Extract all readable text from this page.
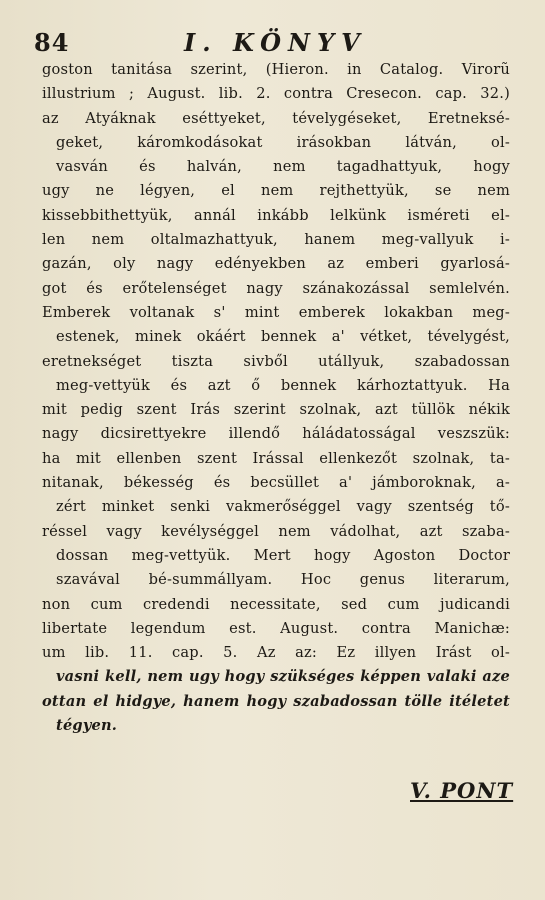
84	I. KÖNYV
goston tanitása szerint, (Hieron. in Catalog. Virorũ
illustrium ; August. lib. 2. contra Cresecon. cap. 32.)
az Atyáknak eséttyeket, tévelygéseket, Eretneksé-
geket, káromkodásokat irásokban látván, ol-
vasván és halván, nem tagadhattyuk, hogy
ugy ne légyen, el nem rejthettyük, se nem
kissebbithettyük, annál inkább lelkünk isméreti el-
len nem oltalmazhattyuk, hanem meg-vallyuk i-
gazán, oly nagy edényekben az emberi gyarlosá-
got és erőtelenséget nagy szánakozással semlelvén.
Emberek voltanak s' mint emberek lokakban meg-
estenek, minek okáért bennek a' vétket, tévelygést,
eretnekséget tiszta sivből utállyuk, szabadossan
meg-vettyük és azt ő bennek kárhoztattyuk. Ha
mit pedig szent Irás szerint szolnak, azt tüllök nékik
nagy dicsirettyekre illendő háládatosságal veszszük:
ha mit ellenben szent Irással ellenkezőt szolnak, ta-
nitanak, békesség és becsüllet a' jámboroknak, a-
zért minket senki vakmerőséggel vagy szentség tő-
réssel vagy kevélységgel nem vádolhat, azt szaba-
dossan meg-vettyük. Mert hogy Agoston Doctor
szavával bé-summállyam. Hoc genus literarum,
non cum credendi necessitate, sed cum judicandi
libertate legendum est. August. contra Manichæ:
um lib. 11. cap. 5. Az az: Ez illyen Irást ol-
vasni kell, nem ugy hogy szükséges képpen valaki aze
ottan el hidgye, hanem hogy szabadossan tölle itéletet
tégyen.
V. PONT
